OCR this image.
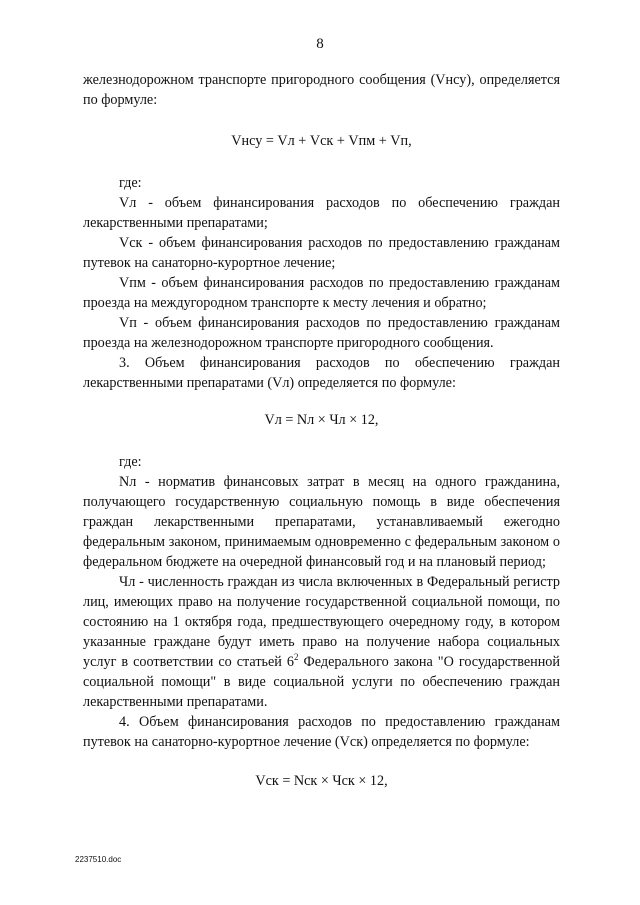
8

железнодорожном транспорте пригородного сообщения (Vнсу), определяется по формуле:

Vнсу = Vл + Vск + Vпм + Vп,

где:

Vл - объем финансирования расходов по обеспечению граждан лекарственными препаратами;

Vск - объем финансирования расходов по предоставлению гражданам путевок на санаторно-курортное лечение;

Vпм - объем финансирования расходов по предоставлению гражданам проезда на междугородном транспорте к месту лечения и обратно;

Vп - объем финансирования расходов по предоставлению гражданам проезда на железнодорожном транспорте пригородного сообщения.

3. Объем финансирования расходов по обеспечению граждан лекарственными препаратами (Vл) определяется по формуле:

Vл = Nл × Чл × 12,

где:

Nл - норматив финансовых затрат в месяц на одного гражданина, получающего государственную социальную помощь в виде обеспечения граждан лекарственными препаратами, устанавливаемый ежегодно федеральным законом, принимаемым одновременно с федеральным законом о федеральном бюджете на очередной финансовый год и на плановый период;

Чл - численность граждан из числа включенных в Федеральный регистр лиц, имеющих право на получение государственной социальной помощи, по состоянию на 1 октября года, предшествующего очередному году, в котором указанные граждане будут иметь право на получение набора социальных услуг в соответствии со статьей $6^2$ Федерального закона "О государственной социальной помощи" в виде социальной услуги по обеспечению граждан лекарственными препаратами.

4. Объем финансирования расходов по предоставлению гражданам путевок на санаторно-курортное лечение (Vск) определяется по формуле:

Vск = Nск × Чск × 12,

2237510.doc
